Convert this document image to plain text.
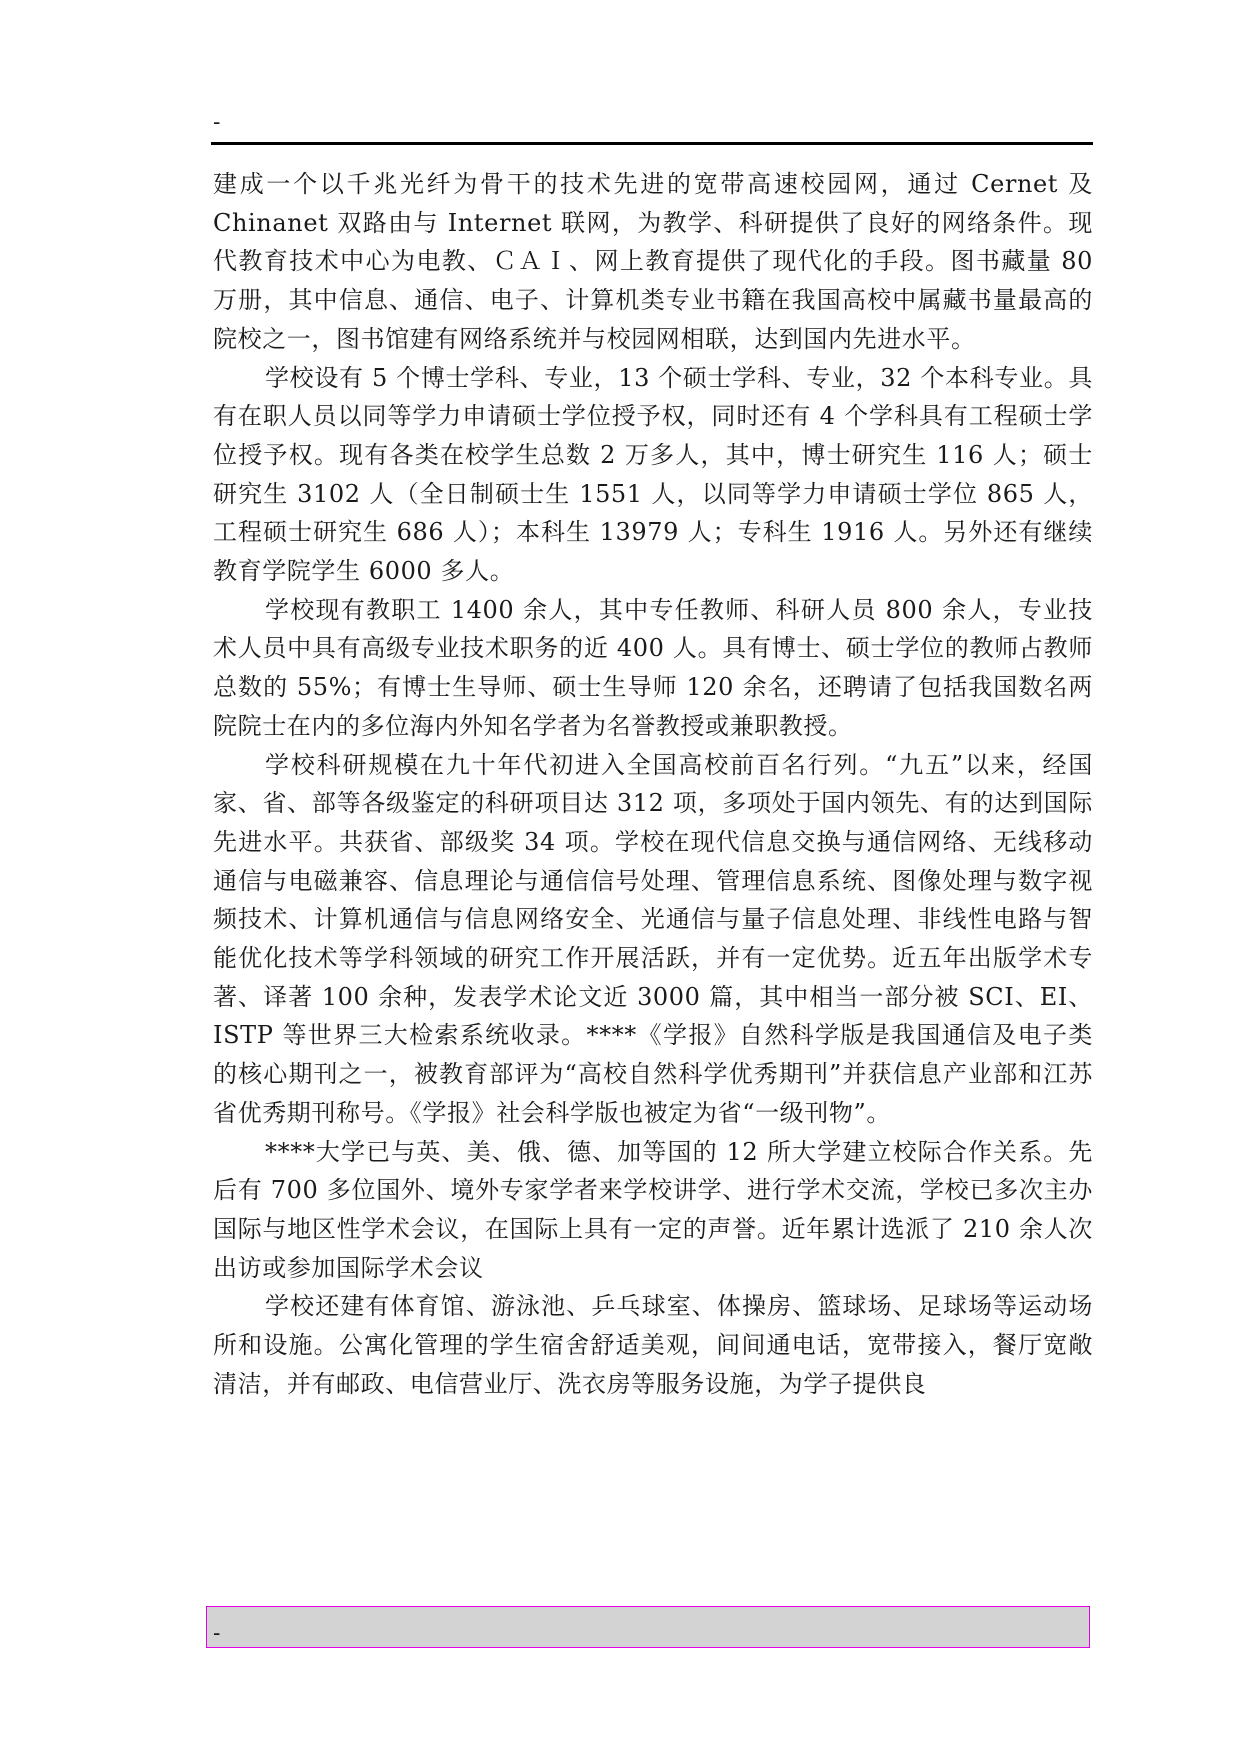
-

建成一个以千兆光纤为骨干的技术先进的宽带高速校园网，通过 Cernet 及 Chinanet 双路由与 Internet 联网，为教学、科研提供了良好的网络条件。现代教育技术中心为电教、ＣＡＩ、网上教育提供了现代化的手段。图书藏量 80 万册，其中信息、通信、电子、计算机类专业书籍在我国高校中属藏书量最高的院校之一，图书馆建有网络系统并与校园网相联，达到国内先进水平。

学校设有 5 个博士学科、专业，13 个硕士学科、专业，32 个本科专业。具有在职人员以同等学力申请硕士学位授予权，同时还有 4 个学科具有工程硕士学位授予权。现有各类在校学生总数 2 万多人，其中，博士研究生 116 人；硕士研究生 3102 人（全日制硕士生 1551 人，以同等学力申请硕士学位 865 人，工程硕士研究生 686 人）；本科生 13979 人；专科生 1916 人。另外还有继续教育学院学生 6000 多人。

学校现有教职工 1400 余人，其中专任教师、科研人员 800 余人，专业技术人员中具有高级专业技术职务的近 400 人。具有博士、硕士学位的教师占教师总数的 55%；有博士生导师、硕士生导师 120 余名，还聘请了包括我国数名两院院士在内的多位海内外知名学者为名誉教授或兼职教授。

学校科研规模在九十年代初进入全国高校前百名行列。“九五”以来，经国家、省、部等各级鉴定的科研项目达 312 项，多项处于国内领先、有的达到国际先进水平。共获省、部级奖 34 项。学校在现代信息交换与通信网络、无线移动通信与电磁兼容、信息理论与通信信号处理、管理信息系统、图像处理与数字视频技术、计算机通信与信息网络安全、光通信与量子信息处理、非线性电路与智能优化技术等学科领域的研究工作开展活跃，并有一定优势。近五年出版学术专著、译著 100 余种，发表学术论文近 3000 篇，其中相当一部分被 SCI、EI、ISTP 等世界三大检索系统收录。****《学报》自然科学版是我国通信及电子类的核心期刊之一，被教育部评为“高校自然科学优秀期刊”并获信息产业部和江苏省优秀期刊称号。《学报》社会科学版也被定为省“一级刊物”。

****大学已与英、美、俄、德、加等国的 12 所大学建立校际合作关系。先后有 700 多位国外、境外专家学者来学校讲学、进行学术交流，学校已多次主办国际与地区性学术会议，在国际上具有一定的声誉。近年累计选派了 210 余人次出访或参加国际学术会议

学校还建有体育馆、游泳池、乒乓球室、体操房、篮球场、足球场等运动场所和设施。公寓化管理的学生宿舍舒适美观，间间通电话，宽带接入，餐厅宽敞清洁，并有邮政、电信营业厅、洗衣房等服务设施，为学子提供良

-
